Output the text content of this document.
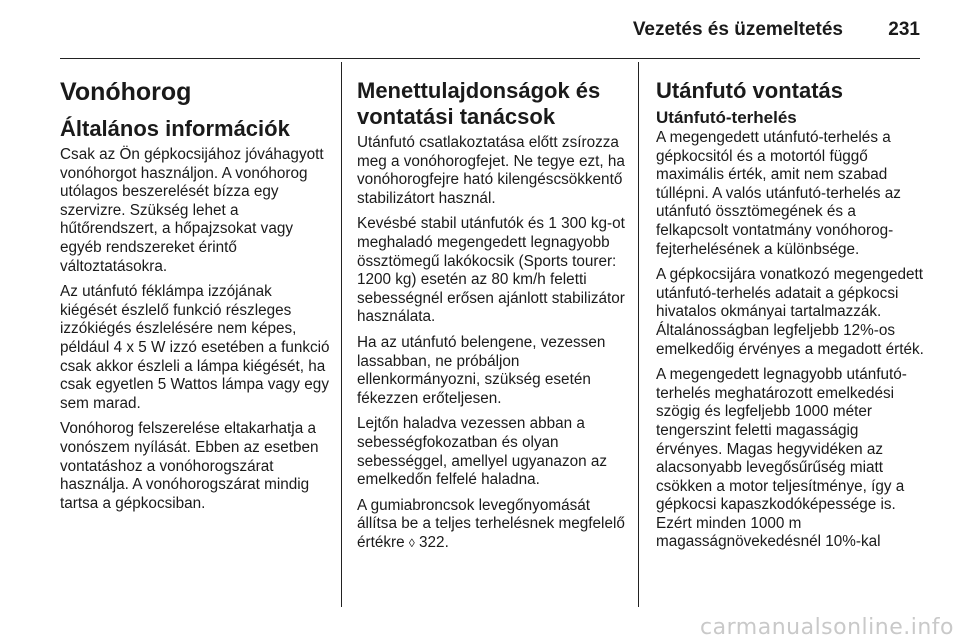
Vezetés és üzemeltetés 231
Vonóhorog
Általános információk

Csak az Ön gépkocsijához jóváhagyott vonóhorgot használjon. A vonóhorog utólagos beszerelését bízza egy szervizre. Szükség lehet a hűtőrendszert, a hőpajzsokat vagy egyéb rendszereket érintő változtatásokra.

Az utánfutó féklámpa izzójának kiégését észlelő funkció részleges izzókiégés észlelésére nem képes, például 4 x 5 W izzó esetében a funkció csak akkor észleli a lámpa kiégését, ha csak egyetlen 5 Wattos lámpa vagy egy sem marad.

Vonóhorog felszerelése eltakarhatja a vonószem nyílását. Ebben az esetben vontatáshoz a vonóhorogszárat használja. A vonóhorogszárat mindig tartsa a gépkocsiban.

Menettulajdonságok és vontatási tanácsok

Utánfutó csatlakoztatása előtt zsírozza meg a vonóhorogfejet. Ne tegye ezt, ha vonóhorogfejre ható kilengéscsökkentő stabilizátort használ.

Kevésbé stabil utánfutók és 1 300 kg-ot meghaladó megengedett legnagyobb össztömegű lakókocsik (Sports tourer: 1200 kg) esetén az 80 km/h feletti sebességnél erősen ajánlott stabilizátor használata.

Ha az utánfutó belengene, vezessen lassabban, ne próbáljon ellenkormányozni, szükség esetén fékezzen erőteljesen.

Lejtőn haladva vezessen abban a sebességfokozatban és olyan sebességgel, amellyel ugyanazon az emelkedőn felfelé haladna.

A gumiabroncsok levegőnyomását állítsa be a teljes terhelésnek megfelelő értékre ◊ 322.

Utánfutó vontatás
Utánfutó-terhelés

A megengedett utánfutó-terhelés a gépkocsitól és a motortól függő maximális érték, amit nem szabad túllépni. A valós utánfutó-terhelés az utánfutó össztömegének és a felkapcsolt vontatmány vonóhorog-fejterhelésének a különbsége.

A gépkocsijára vonatkozó megengedett utánfutó-terhelés adatait a gépkocsi hivatalos okmányai tartalmazzák. Általánosságban legfeljebb 12%-os emelkedőig érvényes a megadott érték.

A megengedett legnagyobb utánfutó-terhelés meghatározott emelkedési szögig és legfeljebb 1000 méter tengerszint feletti magasságig érvényes. Magas hegyvidéken az alacsonyabb levegősűrűség miatt csökken a motor teljesítménye, így a gépkocsi kapaszkodóképessége is. Ezért minden 1000 m magasságnövekedésnél 10%-kal

carmanualsonline.info
